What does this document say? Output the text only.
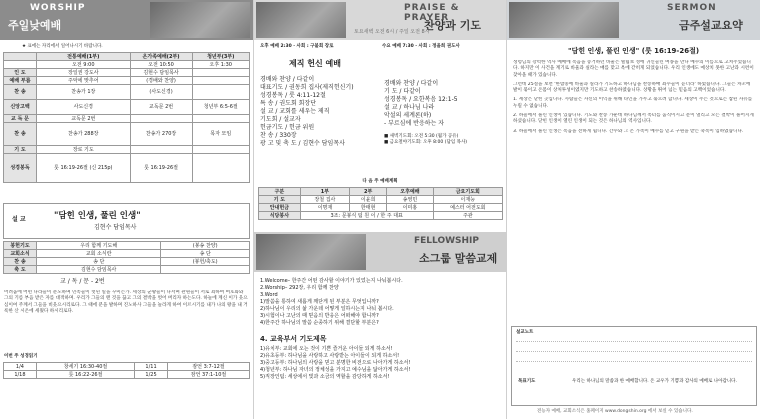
WORSHIP
주일낮예배
★ 표에는 자리에서 일어나시기 바랍니다.
	전통예배(1부)	온가족예배(2부)	청년부(3부)
	오전 9:00	오전 10:50	오후 1:30
인 도	장일권 강도사	김현수 담임목사	
예배 부름	주악에 맞추어	(경배와 찬양)	
찬 송	찬송가 1장	(사도신경)	
신앙고백	사도신경	교독문 2번	청년부 6:5-6절
교 독 문	교독문 2번		
찬 송	찬송가 288장	찬송가 270장	목자 모임
기 도	장로 기도		
성경봉독	룻 16:19-26절 (신 215p)	룻 16:19-26절	
설 교	"담힌 인생, 풀린 인생"
김현수 담임목사
봉헌기도	우리 함께 기도해	(봉송 찬양)
교회소식	교회 소식란	송 단
찬 송	송 단	(봉헌/축도)
축 도	김현수 담임목사	
교 / 독 / 문 - 2번
어려움에 어떤 나라들이 분노하며 민족들이 헛된 일을 꾸미는가. 세상의 군왕들이 나서며 관원들이 서로 꾀하여 여호와와 그의 기름 부음 받은 자를 대적하며. 우리가 그들의 맨 것을 끊고 그의 결박을 벗어 버리자 하는도다. 하늘에 계신 이가 웃으심이여 주께서 그들을 비웃으시리로다. 그 때에 분을 발하며 진노하사 그들을 놀라게 하여 이르시기를 내가 나의 왕을 내 거룩한 산 시온에 세웠다 하시리로다.
이번 주 성경읽기
1/4	창세기 16:30-40절	1/11	잠언 3:7-12절
1/18	룻 16:22-26절	1/25	잠언 37:1-10절
PRAISE & PRAYER
찬양과 기도
토요새벽 오전 6시 / 주일 오전 8시
오후 예배 2:30 · 사회 : 구불회 장로	수요 예배 7:30 · 사회 : 정을희 권도사
제직 헌신 예배
경배와 찬양 / 다같이
대표기도 / 권동희 집사(제직헌신기)
성경봉독 / 룻 4:11-12절
특 송 / 권도회 회장단
설 교 / 교회를 세우는 제직
기도회 / 설교자
헌금기도 / 헌금 위원
찬 송 / 330장
광 고 및 축 도 / 김현수 담임목사
경배와 찬양 / 다같이
기 도 / 다같이
성경봉독 / 요한복음 12:1-5
설 교 / 하나님 나라
악설의 세계론(하)
- 부르심에 반응하는 자
■ 새벽기도회: 오전 5:30 (월가 공유)
■ 금요철야기도회: 오후 8:00 (담임 목사)
다 음 주 예배계획
구분	1부	2부	오후예배	금요기도회
기 도	장철 집사	이윤희	송영민	이재능
안내헌금	이명재	한태현	이미홍	예스터 어전도회
식당봉사	3조: 문봉식 팀 원 이 / 한 주 대표			주관
FELLOWSHIP
소그룹 말씀교제
1.Welcome– 한주간 어떤 감사할 이야기가 있었는지 나눠봅시다.
2.Worship– 292장, 우리 함께 찬양
3.Word
1)말씀을 통하여 새롭게 깨닫게 된 부분은 무엇입니까?
2)하나님이 우리의 삶 가운데 어떻게 일하시는지 나눠 봅시다.
3)시험이나 고난의 때 믿음의 반응은 어떠해야 합니까?
4)한주간 하나님의 말씀 순종하기 위해 결단할 부분은?
4. 교육부서 기도제목
1)유치부: 교회에 오는 것이 기쁜 즐거운 아이들 되게 하소서!
2)유초등부: 하나님을 사랑하고 사랑받는 아이들이 되게 하소서!
3)중고등부: 하나님의 사랑을 믿고 분명한 비전으로 나아가게 하소서!
4)청년부: 하나님 자녀의 정체성을 가지고 예수님을 닮아가게 하소서!
5)직장인팀: 세상에서 빛과 소금의 역할을 감당하게 하소서!
SERMON
금주설교요약
"담힌 인생, 풀린 인생" (룻 16:19-26절)

성령님의 강력한 역사 예배에 복음을 증거하던 바울은 빌립보 성에 귀신들린 여종을 만나 예수의 이름으로 고쳐주었습니다. 하지만 이 사건을 계기로 바울과 실라는 매를 맞고 옥에 갇히게 되었습니다. 우리 인생에도 예상치 못한 고난과 시련이 찾아올 때가 있습니다.

그런데 25절을 보면 '한밤중에 바울과 실라가 기도하고 하나님을 찬송하매 죄수들이 듣더라' 하였습니다. 그들은 차꼬에 발이 묶이고 온몸이 상처투성이였지만 기도하고 찬송하였습니다. 상황을 뛰어 넘는 믿음의 고백이었습니다.

1. 세상은 닫힌 곳입니다. 사람들은 자신의 이익을 위해 타인을 가두고 묶으려 합니다. 세상이 주는 것으로는 참된 자유를 누릴 수 없습니다.

2. 하늘에서 풀린 인생이 있습니다. 기도와 찬송 가운데 하나님께서 옥터를 움직이시고 문이 열리고 모든 결박이 풀어지게 하셨습니다. 닫힌 인생이 열린 인생이 되는 것은 하나님의 역사입니다.

3. 하늘에서 풀린 인생은 복음을 전하게 됩니다. 간수와 그 온 가족이 예수를 믿고 구원을 받는 축복이 임하였습니다.

설교노트
목표기도	우리는 하나님의 말씀과 한 예배합니다. 온 교우가 기쁨과 감사의 예배로 나아갑니다.
전능자 예배, 교회소식은 홈페이지 www.dongshin.org 에서 보실 수 있습니다.
